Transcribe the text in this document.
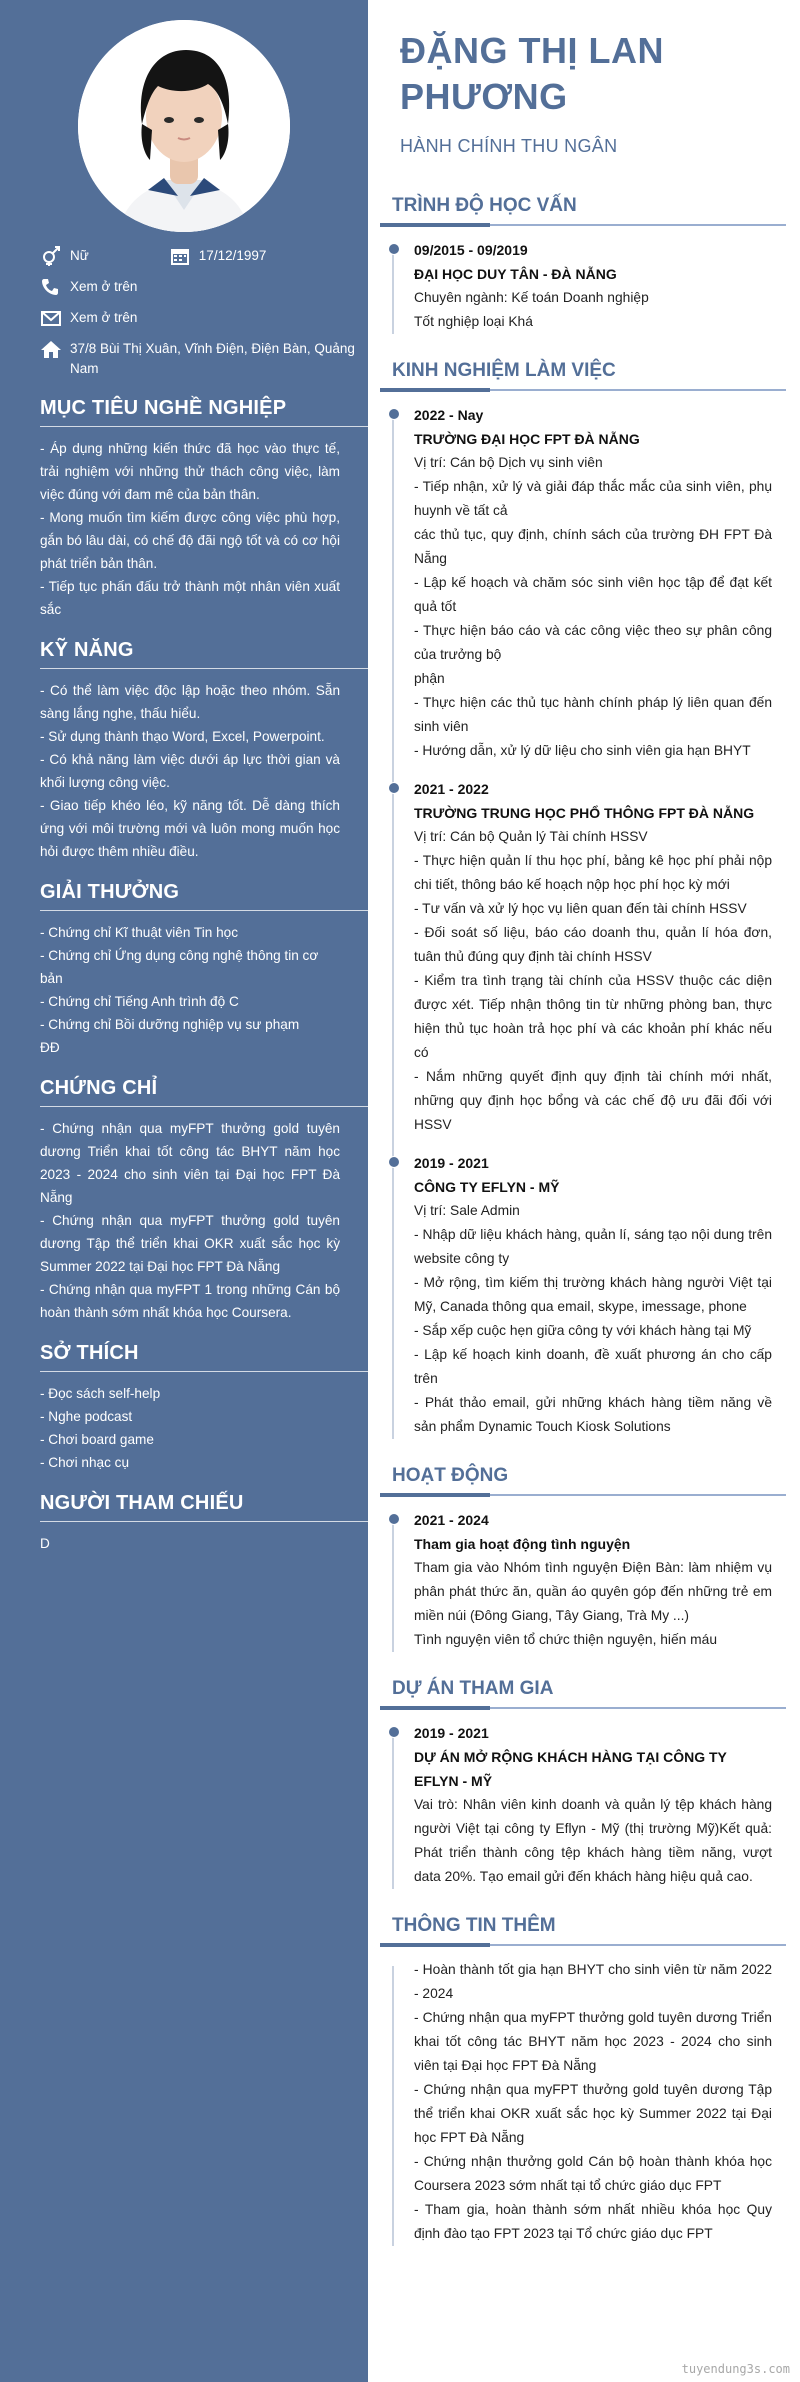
Nữ	17/12/1997
Xem ở trên
Xem ở trên
37/8 Bùi Thị Xuân, Vĩnh Điện, Điện Bàn, Quảng Nam
MỤC TIÊU NGHỀ NGHIỆP
- Áp dụng những kiến thức đã học vào thực tế, trải nghiệm với những thử thách công việc, làm việc đúng với đam mê của bản thân.
- Mong muốn tìm kiếm được công việc phù hợp, gắn bó lâu dài, có chế độ đãi ngộ tốt và có cơ hội phát triển bản thân.
- Tiếp tục phấn đấu trở thành một nhân viên xuất sắc
KỸ NĂNG
- Có thể làm việc độc lập hoặc theo nhóm. Sẵn sàng lắng nghe, thấu hiểu.
- Sử dụng thành thạo Word, Excel, Powerpoint.
- Có khả năng làm việc dưới áp lực thời gian và khối lượng công việc.
- Giao tiếp khéo léo, kỹ năng tốt. Dễ dàng thích ứng với môi trường mới và luôn mong muốn học hỏi được thêm nhiều điều.
GIẢI THƯỞNG
- Chứng chỉ Kĩ thuật viên Tin học
- Chứng chỉ Ứng dụng công nghệ thông tin cơ bản
- Chứng chỉ Tiếng Anh trình độ C
- Chứng chỉ Bồi dưỡng nghiệp vụ sư phạm
ĐĐ
CHỨNG CHỈ
- Chứng nhận qua myFPT thưởng gold tuyên dương Triển khai tốt công tác BHYT năm học 2023 - 2024 cho sinh viên tại Đại học FPT Đà Nẵng
- Chứng nhận qua myFPT thưởng gold tuyên dương Tập thể triển khai OKR xuất sắc học kỳ Summer 2022 tại Đại học FPT Đà Nẵng
- Chứng nhận qua myFPT 1 trong những Cán bộ hoàn thành sớm nhất khóa học Coursera.
SỞ THÍCH
- Đọc sách self-help
- Nghe podcast
- Chơi board game
- Chơi nhạc cụ
NGƯỜI THAM CHIẾU
D
ĐẶNG THỊ LAN
PHƯƠNG
HÀNH CHÍNH THU NGÂN
TRÌNH ĐỘ HỌC VẤN
09/2015 - 09/2019
ĐẠI HỌC DUY TÂN - ĐÀ NẴNG
Chuyên ngành: Kế toán Doanh nghiệp
Tốt nghiệp loại Khá
KINH NGHIỆM LÀM VIỆC
2022 - Nay
TRƯỜNG ĐẠI HỌC FPT ĐÀ NẴNG
Vị trí: Cán bộ Dịch vụ sinh viên
- Tiếp nhận, xử lý và giải đáp thắc mắc của sinh viên, phụ huynh về tất cả
các thủ tục, quy định, chính sách của trường ĐH FPT Đà Nẵng
- Lập kế hoạch và chăm sóc sinh viên học tập để đạt kết quả tốt
- Thực hiện báo cáo và các công việc theo sự phân công của trưởng bộ
phận
- Thực hiện các thủ tục hành chính pháp lý liên quan đến sinh viên
- Hướng dẫn, xử lý dữ liệu cho sinh viên gia hạn BHYT
2021 - 2022
TRƯỜNG TRUNG HỌC PHỔ THÔNG FPT ĐÀ NẴNG
Vị trí: Cán bộ Quản lý Tài chính HSSV
- Thực hiện quản lí thu học phí, bảng kê học phí phải nộp chi tiết, thông báo kế hoạch nộp học phí học kỳ mới
- Tư vấn và xử lý học vụ liên quan đến tài chính HSSV
- Đối soát số liệu, báo cáo doanh thu, quản lí hóa đơn, tuân thủ đúng quy định tài chính HSSV
- Kiểm tra tình trạng tài chính của HSSV thuộc các diện được xét. Tiếp nhận thông tin từ những phòng ban, thực hiện thủ tục hoàn trả học phí và các khoản phí khác nếu có
- Nắm những quyết định quy định tài chính mới nhất, những quy định học bổng và các chế độ ưu đãi đối với HSSV
2019 - 2021
CÔNG TY EFLYN - MỸ
Vị trí: Sale Admin
- Nhập dữ liệu khách hàng, quản lí, sáng tạo nội dung trên website công ty
- Mở rộng, tìm kiếm thị trường khách hàng người Việt tại Mỹ, Canada thông qua email, skype, imessage, phone
- Sắp xếp cuộc hẹn giữa công ty với khách hàng tại Mỹ
- Lập kế hoạch kinh doanh, đề xuất phương án cho cấp trên
- Phát thảo email, gửi những khách hàng tiềm năng về sản phẩm Dynamic Touch Kiosk Solutions
HOẠT ĐỘNG
2021 - 2024
Tham gia hoạt động tình nguyện
Tham gia vào Nhóm tình nguyện Điện Bàn: làm nhiệm vụ phân phát thức ăn, quần áo quyên góp đến những trẻ em miền núi (Đông Giang, Tây Giang, Trà My ...)
Tình nguyện viên tổ chức thiện nguyện, hiến máu
DỰ ÁN THAM GIA
2019 - 2021
DỰ ÁN MỞ RỘNG KHÁCH HÀNG TẠI CÔNG TY EFLYN - MỸ
Vai trò: Nhân viên kinh doanh và quản lý tệp khách hàng người Việt tại công ty Eflyn - Mỹ (thị trường Mỹ)Kết quả: Phát triển thành công tệp khách hàng tiềm năng, vượt data 20%. Tạo email gửi đến khách hàng hiệu quả cao.
THÔNG TIN THÊM
- Hoàn thành tốt gia hạn BHYT cho sinh viên từ năm 2022 - 2024
- Chứng nhận qua myFPT thưởng gold tuyên dương Triển khai tốt công tác BHYT năm học 2023 - 2024 cho sinh viên tại Đại học FPT Đà Nẵng
- Chứng nhận qua myFPT thưởng gold tuyên dương Tập thể triển khai OKR xuất sắc học kỳ Summer 2022 tại Đại học FPT Đà Nẵng
- Chứng nhận thưởng gold Cán bộ hoàn thành khóa học Coursera 2023 sớm nhất tại tổ chức giáo dục FPT
- Tham gia, hoàn thành sớm nhất nhiều khóa học Quy định đào tạo FPT 2023 tại Tổ chức giáo dục FPT
tuyendung3s.com
